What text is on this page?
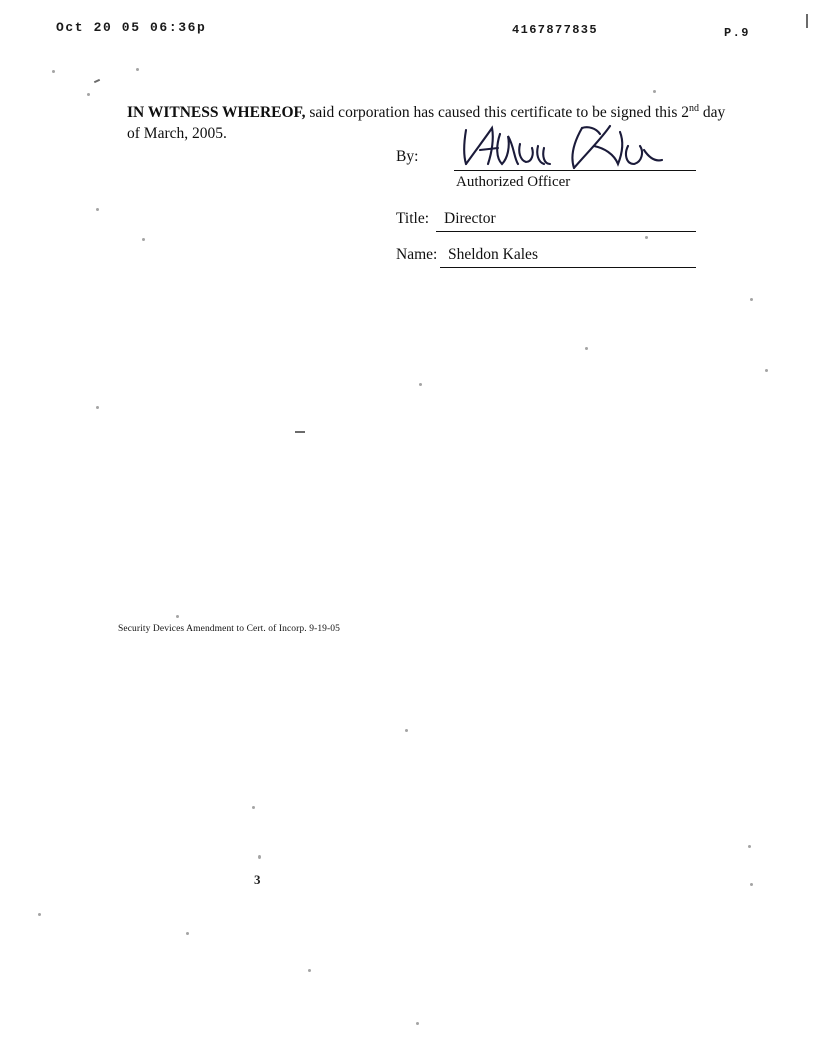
Oct 20 05 06:36p	4167877835	P.9
IN WITNESS WHEREOF, said corporation has caused this certificate to be signed this 2nd day of March, 2005.
By:
Authorized Officer
Title: Director
Name: Sheldon Kales
Security Devices Amendment to Cert. of Incorp. 9-19-05
3
